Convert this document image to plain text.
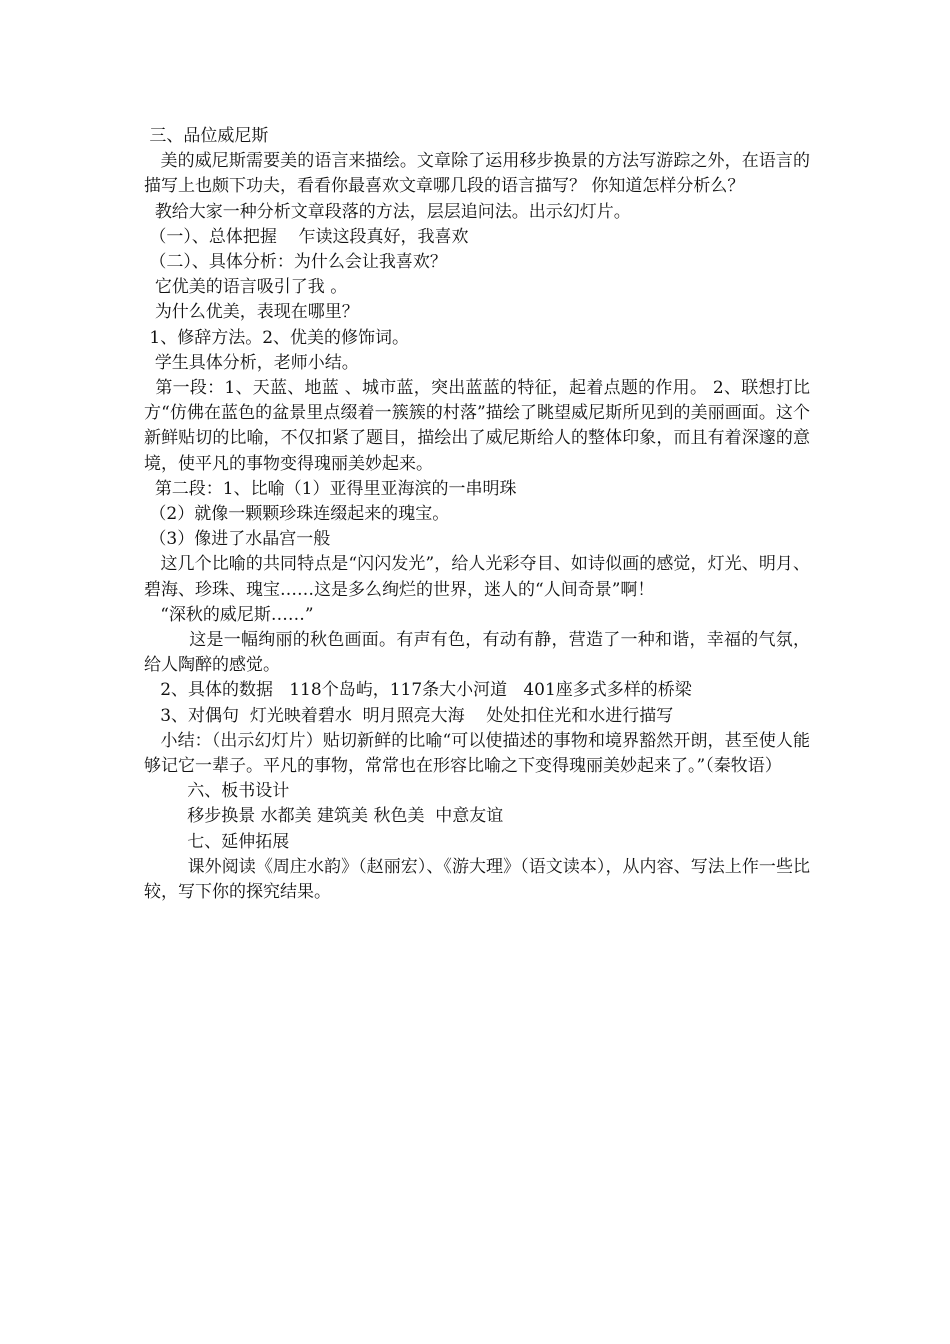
三、品位威尼斯

美的威尼斯需要美的语言来描绘。文章除了运用移步换景的方法写游踪之外，在语言的描写上也颇下功夫，看看你最喜欢文章哪几段的语言描写？ 你知道怎样分析么？

教给大家一种分析文章段落的方法，层层追问法。出示幻灯片。

（一）、总体把握    乍读这段真好，我喜欢

（二）、具体分析：为什么会让我喜欢？

它优美的语言吸引了我 。

为什么优美，表现在哪里？

1、修辞方法。2、优美的修饰词。

学生具体分析，老师小结。

第一段：1、天蓝、地蓝 、城市蓝，突出蓝蓝的特征，起着点题的作用。 2、联想打比方“仿佛在蓝色的盆景里点缀着一簇簇的村落”描绘了眺望威尼斯所见到的美丽画面。这个新鲜贴切的比喻，不仅扣紧了题目，描绘出了威尼斯给人的整体印象，而且有着深邃的意境，使平凡的事物变得瑰丽美妙起来。

第二段：1、比喻（1）亚得里亚海滨的一串明珠

（2）就像一颗颗珍珠连缀起来的瑰宝。

（3）像进了水晶宫一般

这几个比喻的共同特点是“闪闪发光”，给人光彩夺目、如诗似画的感觉，灯光、明月、碧海、珍珠、瑰宝……这是多么绚烂的世界，迷人的“人间奇景”啊！

“深秋的威尼斯……”

这是一幅绚丽的秋色画面。有声有色，有动有静，营造了一种和谐，幸福的气氛，给人陶醉的感觉。

2、具体的数据   118个岛屿，117条大小河道   401座多式多样的桥梁

3、对偶句  灯光映着碧水  明月照亮大海    处处扣住光和水进行描写

小结：（出示幻灯片）贴切新鲜的比喻“可以使描述的事物和境界豁然开朗，甚至使人能够记它一辈子。平凡的事物，常常也在形容比喻之下变得瑰丽美妙起来了。”（秦牧语）

六、板书设计

移步换景 水都美 建筑美 秋色美  中意友谊

七、延伸拓展

课外阅读《周庄水韵》（赵丽宏）、《游大理》（语文读本），从内容、写法上作一些比较，写下你的探究结果。
